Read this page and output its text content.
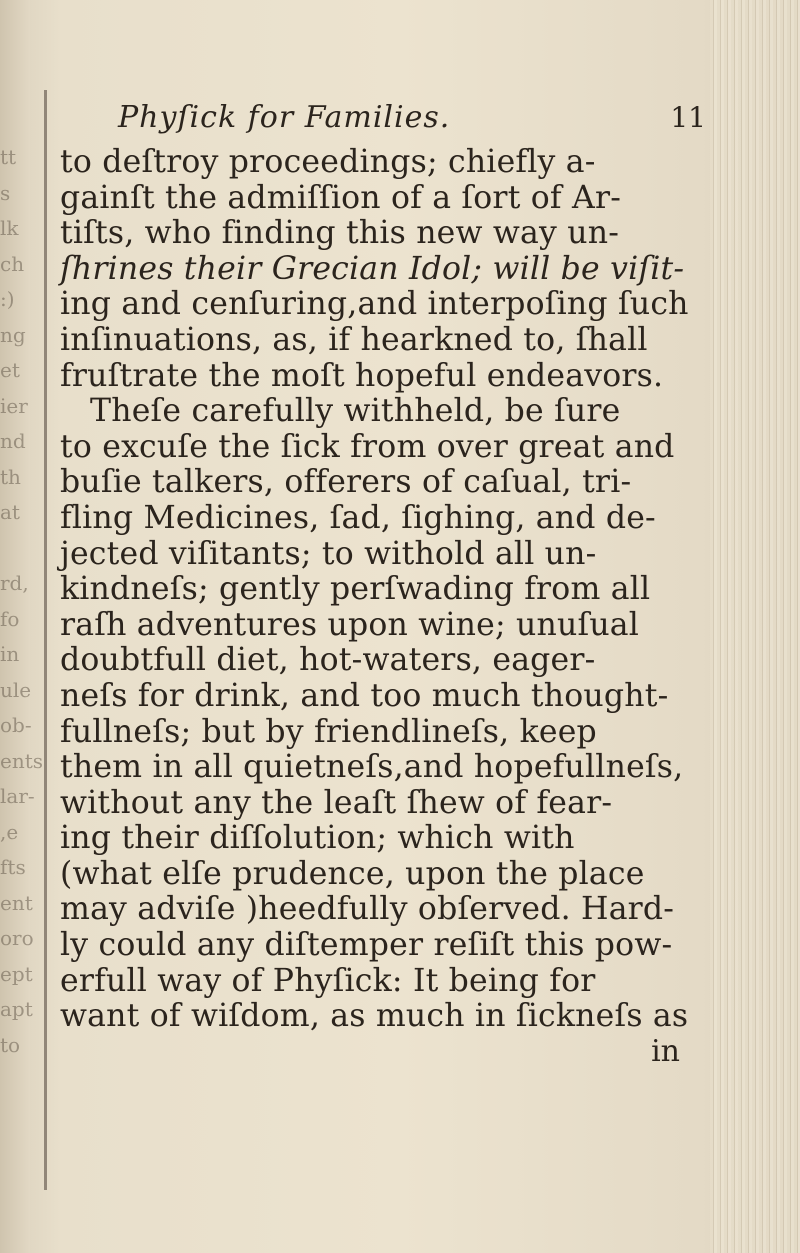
tt
s
lk
ch
:)
ng
et
ier
nd
th
at

rd,
fo
in
ule
ob-
ents
lar-
,e
fts
ent
oro
ept
apt
to
Phyſick for Families.	11
to deſtroy proceedings; chiefly a-
gainſt the admiſſion of a ſort of Ar-
tiſts, who finding this new way un-
ſhrines their Grecian Idol; will be viſit-
ing and cenſuring,and interpoſing ſuch
inſinuations, as, if hearkned to, ſhall
fruſtrate the moſt hopeful endeavors.
Theſe carefully withheld, be ſure
to excuſe the ſick from over great and
buſie talkers, offerers of caſual, tri-
fling Medicines, ſad, ſighing, and de-
jected viſitants; to withold all un-
kindneſs; gently perſwading from all
raſh adventures upon wine; unuſual
doubtfull diet, hot-waters, eager-
neſs for drink, and too much thought-
fullneſs; but by friendlineſs, keep
them in all quietneſs,and hopefullneſs,
without any the leaſt ſhew of fear-
ing their diſſolution; which with
(what elſe prudence, upon the place
may adviſe )heedfully obſerved. Hard-
ly could any diſtemper reſiſt this pow-
erfull way of Phyſick: It being for
want of wiſdom, as much in ſickneſs as
in
